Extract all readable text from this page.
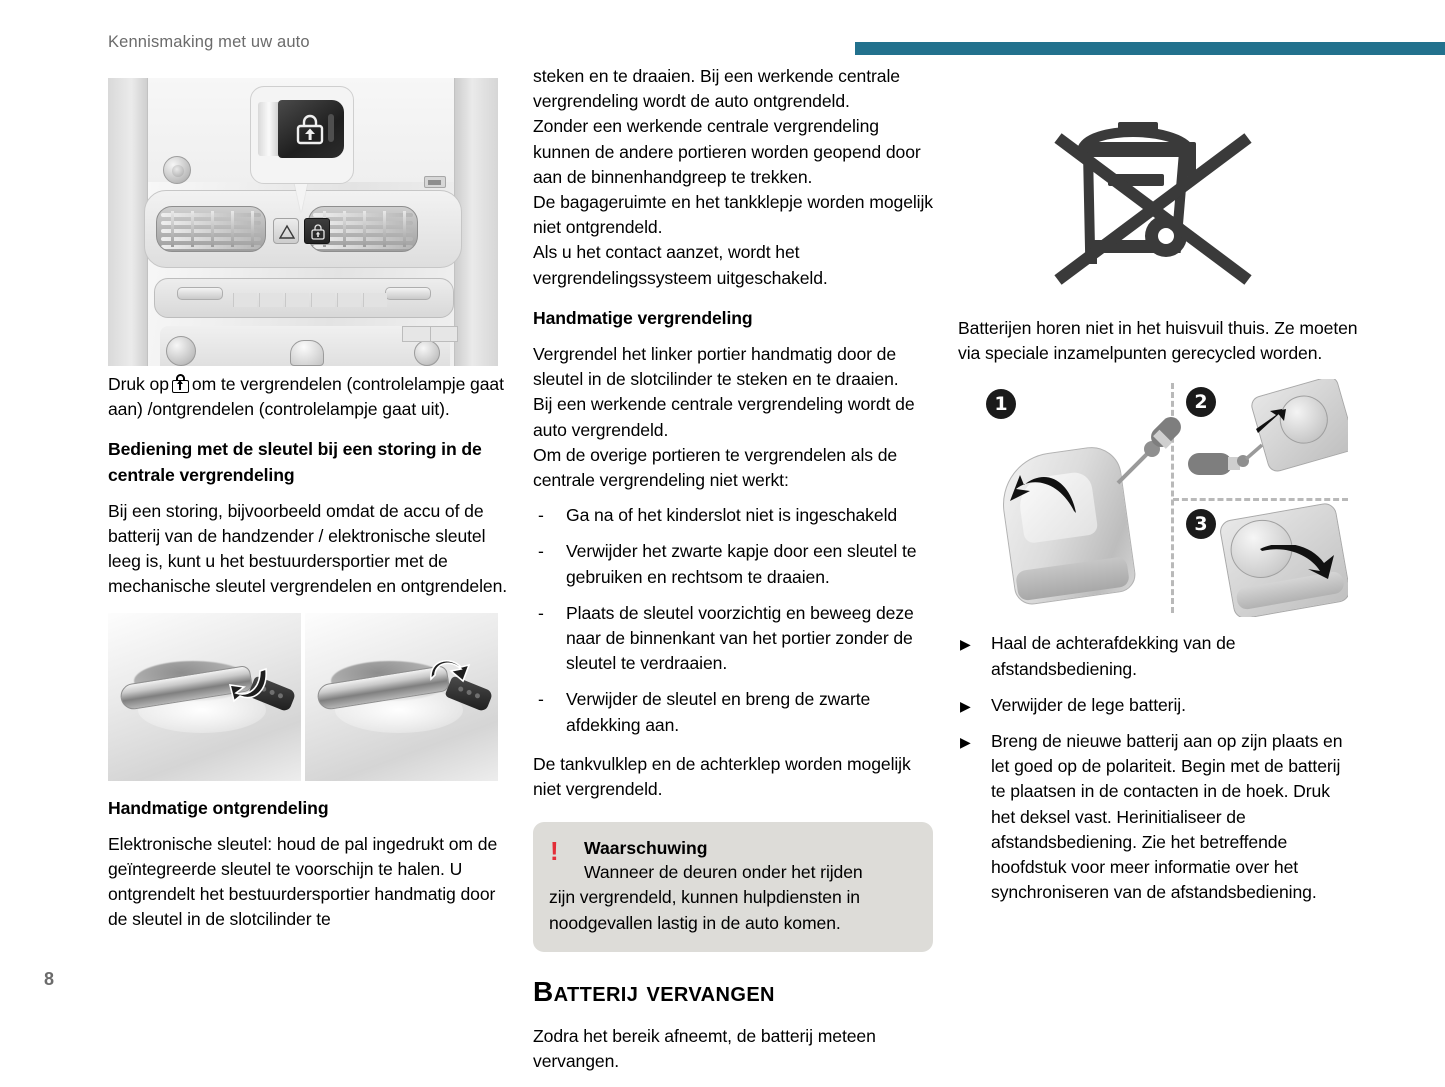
Kennismaking met uw auto

Druk op om te vergrendelen (controlelampje gaat aan) /ontgrendelen (controlelampje gaat uit).

Bediening met de sleutel bij een storing in de centrale vergrendeling

Bij een storing, bijvoorbeeld omdat de accu of de batterij van de handzender / elektronische sleutel leeg is, kunt u het bestuurdersportier met de mechanische sleutel vergrendelen en ontgrendelen.

Handmatige ontgrendeling

Elektronische sleutel: houd de pal ingedrukt om de geïntegreerde sleutel te voorschijn te halen. U ontgrendelt het bestuurdersportier handmatig door de sleutel in de slotcilinder te

steken en te draaien. Bij een werkende centrale vergrendeling wordt de auto ontgrendeld.

Zonder een werkende centrale vergrendeling kunnen de andere portieren worden geopend door aan de binnenhandgreep te trekken.

De bagageruimte en het tankklepje worden mogelijk niet ontgrendeld.

Als u het contact aanzet, wordt het vergrendelingssysteem uitgeschakeld.

Handmatige vergrendeling

Vergrendel het linker portier handmatig door de sleutel in de slotcilinder te steken en te draaien.

Bij een werkende centrale vergrendeling wordt de auto vergrendeld.

Om de overige portieren te vergrendelen als de centrale vergrendeling niet werkt:

- Ga na of het kinderslot niet is ingeschakeld
- Verwijder het zwarte kapje door een sleutel te gebruiken en rechtsom te draaien.
- Plaats de sleutel voorzichtig en beweeg deze naar de binnenkant van het portier zonder de sleutel te verdraaien.
- Verwijder de sleutel en breng de zwarte afdekking aan.

De tankvulklep en de achterklep worden mogelijk niet vergrendeld.

!	Waarschuwing
Wanneer de deuren onder het rijden
zijn vergrendeld, kunnen hulpdiensten in noodgevallen lastig in de auto komen.
Batterij vervangen

Zodra het bereik afneemt, de batterij meteen vervangen.

Batterijen horen niet in het huisvuil thuis. Ze moeten via speciale inzamelpunten gerecycled worden.

1	2
3
▶ Haal de achterafdekking van de afstandsbediening.
▶ Verwijder de lege batterij.
▶ Breng de nieuwe batterij aan op zijn plaats en let goed op de polariteit. Begin met de batterij te plaatsen in de contacten in de hoek. Druk het deksel vast. Herinitialiseer de afstandsbediening. Zie het betreffende hoofdstuk voor meer informatie over het synchroniseren van de afstandsbediening.
8
